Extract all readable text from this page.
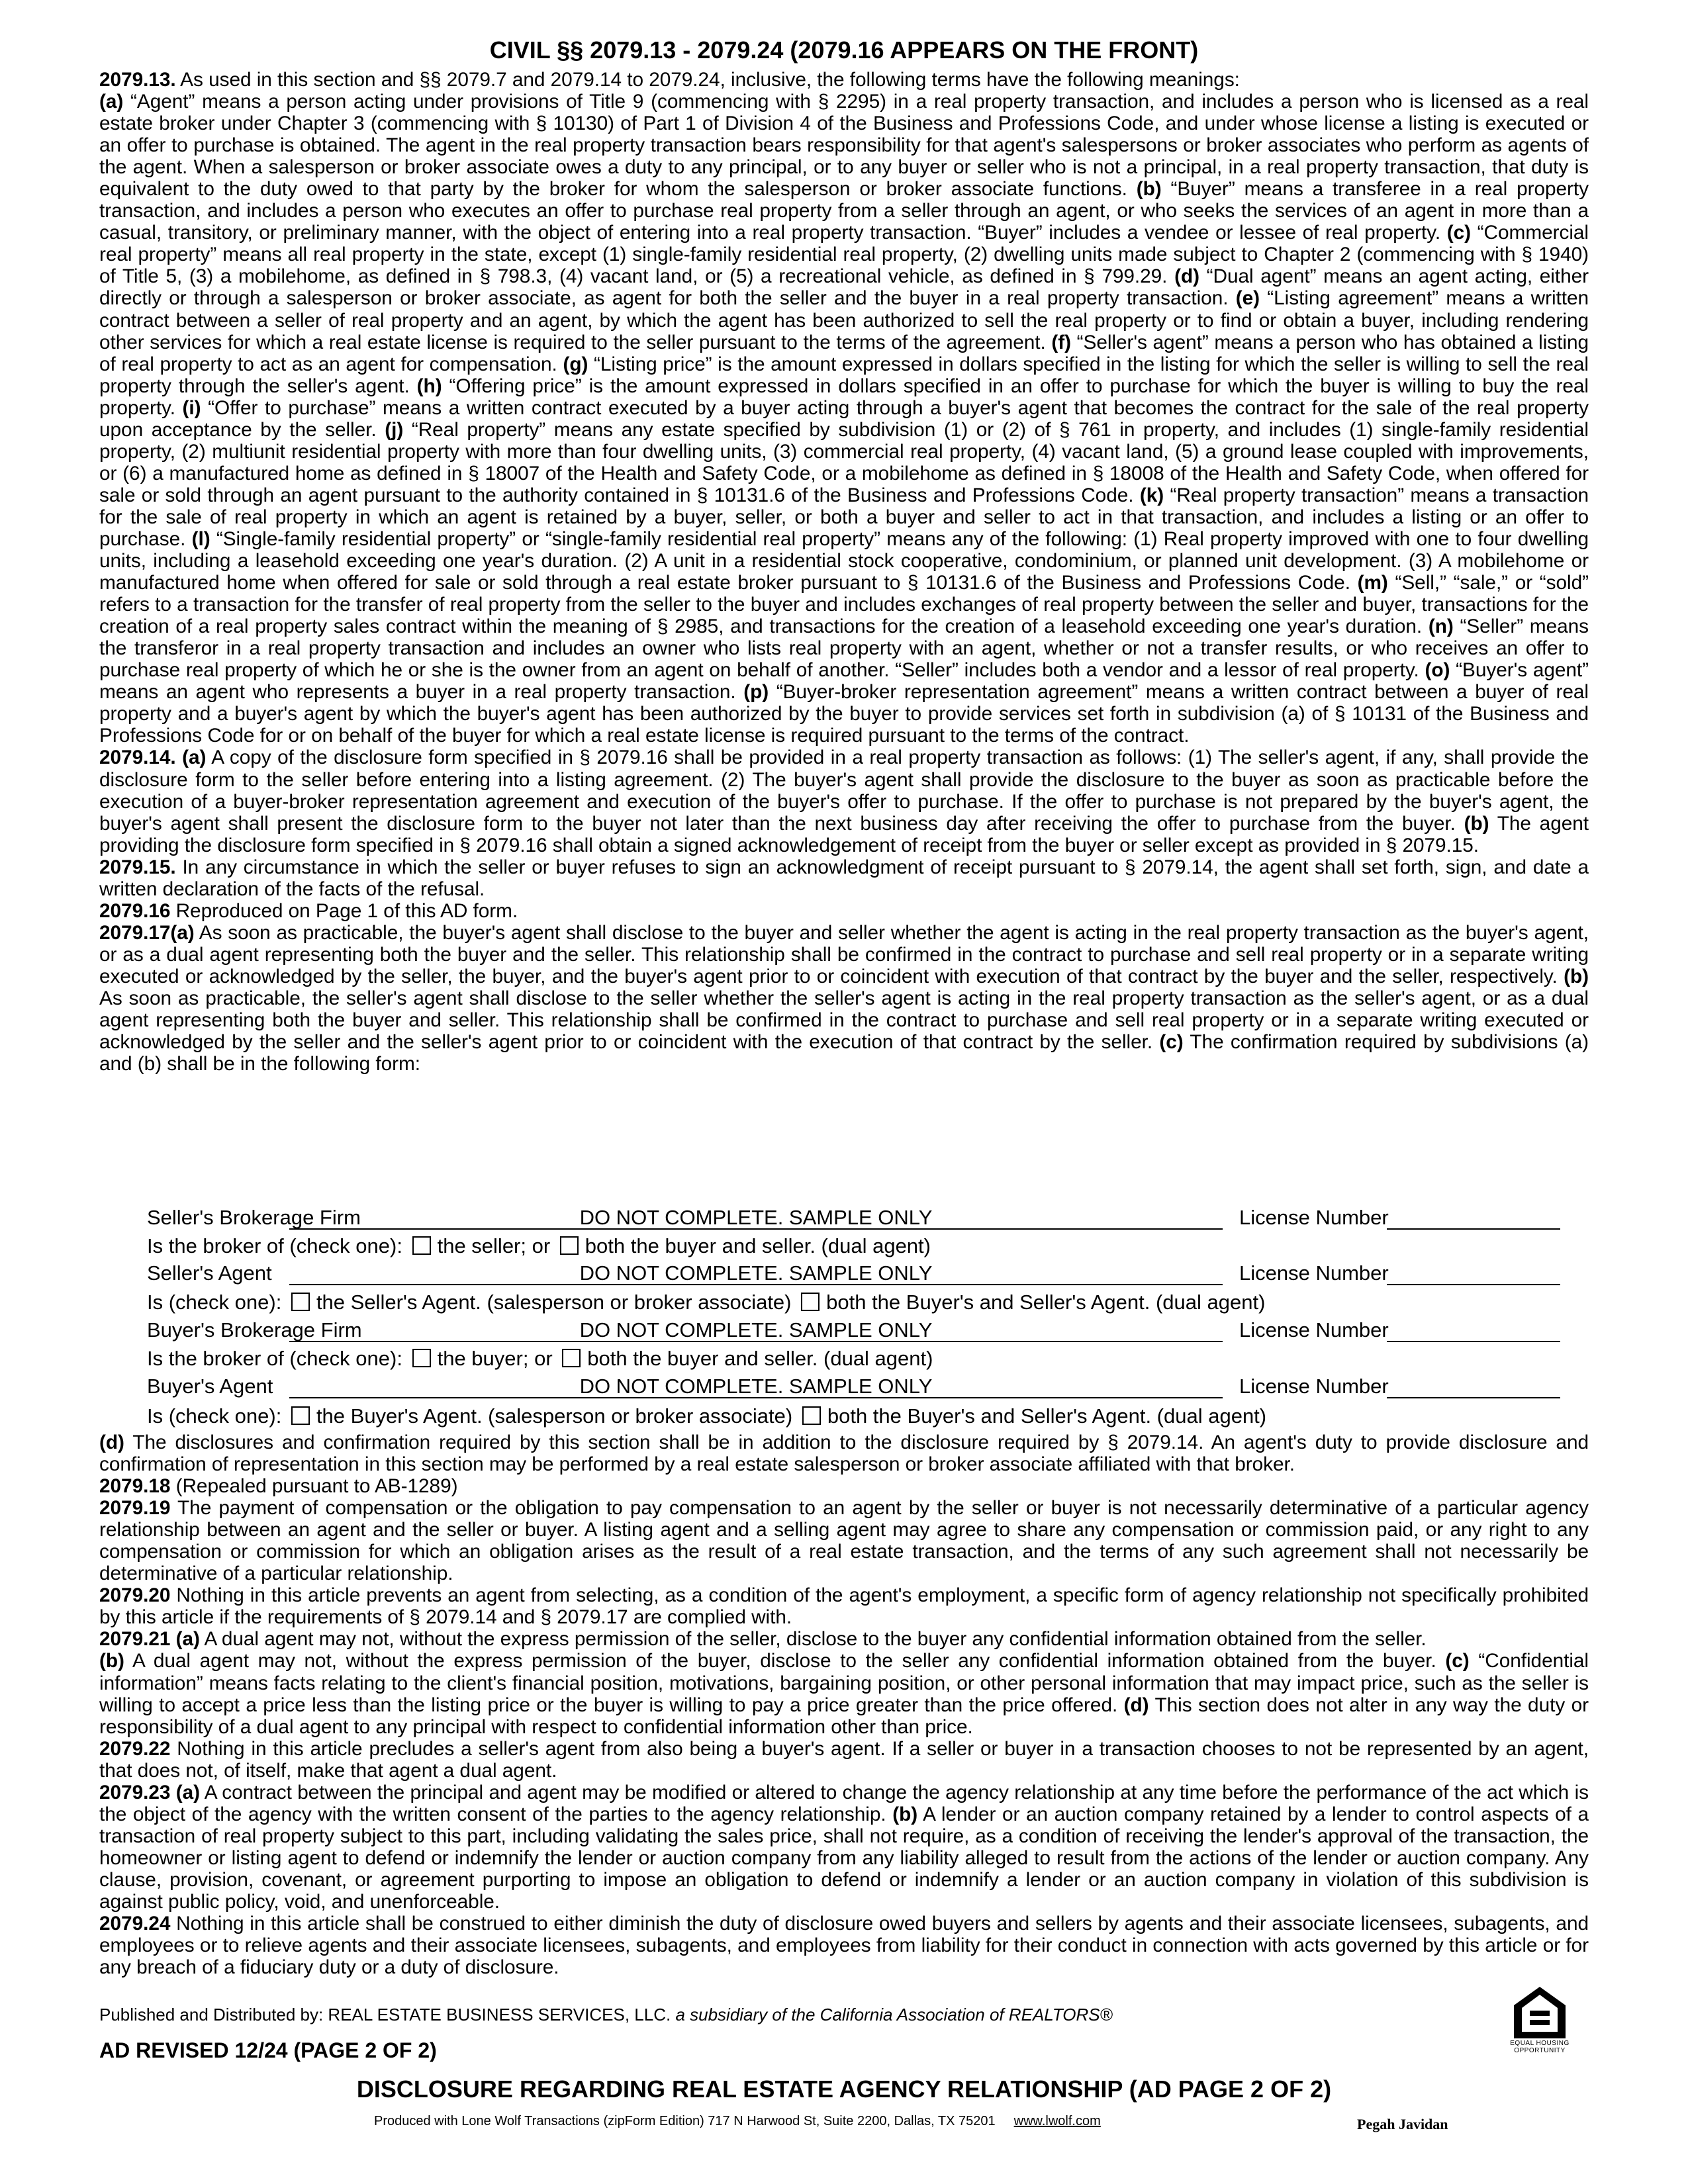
CIVIL §§ 2079.13 - 2079.24 (2079.16 APPEARS ON THE FRONT)

2079.13. As used in this section and §§ 2079.7 and 2079.14 to 2079.24, inclusive, the following terms have the following meanings:
(a) “Agent” means a person acting under provisions of Title 9 (commencing with § 2295) in a real property transaction, and includes a person who is licensed as a real estate broker under Chapter 3 (commencing with § 10130) of Part 1 of Division 4 of the Business and Professions Code, and under whose license a listing is executed or an offer to purchase is obtained. The agent in the real property transaction bears responsibility for that agent's salespersons or broker associates who perform as agents of the agent. When a salesperson or broker associate owes a duty to any principal, or to any buyer or seller who is not a principal, in a real property transaction, that duty is equivalent to the duty owed to that party by the broker for whom the salesperson or broker associate functions. (b) “Buyer” means a transferee in a real property transaction, and includes a person who executes an offer to purchase real property from a seller through an agent, or who seeks the services of an agent in more than a casual, transitory, or preliminary manner, with the object of entering into a real property transaction. “Buyer” includes a vendee or lessee of real property. (c) “Commercial real property” means all real property in the state, except (1) single-family residential real property, (2) dwelling units made subject to Chapter 2 (commencing with § 1940) of Title 5, (3) a mobilehome, as defined in § 798.3, (4) vacant land, or (5) a recreational vehicle, as defined in § 799.29. (d) “Dual agent” means an agent acting, either directly or through a salesperson or broker associate, as agent for both the seller and the buyer in a real property transaction. (e) “Listing agreement” means a written contract between a seller of real property and an agent, by which the agent has been authorized to sell the real property or to find or obtain a buyer, including rendering other services for which a real estate license is required to the seller pursuant to the terms of the agreement. (f) “Seller's agent” means a person who has obtained a listing of real property to act as an agent for compensation. (g) “Listing price” is the amount expressed in dollars specified in the listing for which the seller is willing to sell the real property through the seller's agent. (h) “Offering price” is the amount expressed in dollars specified in an offer to purchase for which the buyer is willing to buy the real property. (i) “Offer to purchase” means a written contract executed by a buyer acting through a buyer's agent that becomes the contract for the sale of the real property upon acceptance by the seller. (j) “Real property” means any estate specified by subdivision (1) or (2) of § 761 in property, and includes (1) single-family residential property, (2) multiunit residential property with more than four dwelling units, (3) commercial real property, (4) vacant land, (5) a ground lease coupled with improvements, or (6) a manufactured home as defined in § 18007 of the Health and Safety Code, or a mobilehome as defined in § 18008 of the Health and Safety Code, when offered for sale or sold through an agent pursuant to the authority contained in § 10131.6 of the Business and Professions Code. (k) “Real property transaction” means a transaction for the sale of real property in which an agent is retained by a buyer, seller, or both a buyer and seller to act in that transaction, and includes a listing or an offer to purchase. (l) “Single-family residential property” or “single-family residential real property” means any of the following: (1) Real property improved with one to four dwelling units, including a leasehold exceeding one year's duration. (2) A unit in a residential stock cooperative, condominium, or planned unit development. (3) A mobilehome or manufactured home when offered for sale or sold through a real estate broker pursuant to § 10131.6 of the Business and Professions Code. (m) “Sell,” “sale,” or “sold” refers to a transaction for the transfer of real property from the seller to the buyer and includes exchanges of real property between the seller and buyer, transactions for the creation of a real property sales contract within the meaning of § 2985, and transactions for the creation of a leasehold exceeding one year's duration. (n) “Seller” means the transferor in a real property transaction and includes an owner who lists real property with an agent, whether or not a transfer results, or who receives an offer to purchase real property of which he or she is the owner from an agent on behalf of another. “Seller” includes both a vendor and a lessor of real property. (o) “Buyer's agent” means an agent who represents a buyer in a real property transaction. (p) “Buyer-broker representation agreement” means a written contract between a buyer of real property and a buyer's agent by which the buyer's agent has been authorized by the buyer to provide services set forth in subdivision (a) of § 10131 of the Business and Professions Code for or on behalf of the buyer for which a real estate license is required pursuant to the terms of the contract.

2079.14. (a) A copy of the disclosure form specified in § 2079.16 shall be provided in a real property transaction as follows: (1) The seller's agent, if any, shall provide the disclosure form to the seller before entering into a listing agreement. (2) The buyer's agent shall provide the disclosure to the buyer as soon as practicable before the execution of a buyer-broker representation agreement and execution of the buyer's offer to purchase. If the offer to purchase is not prepared by the buyer's agent, the buyer's agent shall present the disclosure form to the buyer not later than the next business day after receiving the offer to purchase from the buyer. (b) The agent providing the disclosure form specified in § 2079.16 shall obtain a signed acknowledgement of receipt from the buyer or seller except as provided in § 2079.15.

2079.15. In any circumstance in which the seller or buyer refuses to sign an acknowledgment of receipt pursuant to § 2079.14, the agent shall set forth, sign, and date a written declaration of the facts of the refusal.

2079.16 Reproduced on Page 1 of this AD form.

2079.17(a) As soon as practicable, the buyer's agent shall disclose to the buyer and seller whether the agent is acting in the real property transaction as the buyer's agent, or as a dual agent representing both the buyer and the seller. This relationship shall be confirmed in the contract to purchase and sell real property or in a separate writing executed or acknowledged by the seller, the buyer, and the buyer's agent prior to or coincident with execution of that contract by the buyer and the seller, respectively. (b) As soon as practicable, the seller's agent shall disclose to the seller whether the seller's agent is acting in the real property transaction as the seller's agent, or as a dual agent representing both the buyer and seller. This relationship shall be confirmed in the contract to purchase and sell real property or in a separate writing executed or acknowledged by the seller and the seller's agent prior to or coincident with the execution of that contract by the seller. (c) The confirmation required by subdivisions (a) and (b) shall be in the following form:

Seller's Brokerage Firm	DO NOT COMPLETE. SAMPLE ONLY	License Number
Is the broker of (check one): the seller; or both the buyer and seller. (dual agent)
Seller's Agent	DO NOT COMPLETE. SAMPLE ONLY	License Number
Is (check one): the Seller's Agent. (salesperson or broker associate) both the Buyer's and Seller's Agent. (dual agent)
Buyer's Brokerage Firm	DO NOT COMPLETE. SAMPLE ONLY	License Number
Is the broker of (check one): the buyer; or both the buyer and seller. (dual agent)
Buyer's Agent	DO NOT COMPLETE. SAMPLE ONLY	License Number
Is (check one): the Buyer's Agent. (salesperson or broker associate) both the Buyer's and Seller's Agent. (dual agent)

(d) The disclosures and confirmation required by this section shall be in addition to the disclosure required by § 2079.14. An agent's duty to provide disclosure and confirmation of representation in this section may be performed by a real estate salesperson or broker associate affiliated with that broker.

2079.18 (Repealed pursuant to AB-1289)

2079.19 The payment of compensation or the obligation to pay compensation to an agent by the seller or buyer is not necessarily determinative of a particular agency relationship between an agent and the seller or buyer. A listing agent and a selling agent may agree to share any compensation or commission paid, or any right to any compensation or commission for which an obligation arises as the result of a real estate transaction, and the terms of any such agreement shall not necessarily be determinative of a particular relationship.

2079.20 Nothing in this article prevents an agent from selecting, as a condition of the agent's employment, a specific form of agency relationship not specifically prohibited by this article if the requirements of § 2079.14 and § 2079.17 are complied with.

2079.21 (a) A dual agent may not, without the express permission of the seller, disclose to the buyer any confidential information obtained from the seller.
(b) A dual agent may not, without the express permission of the buyer, disclose to the seller any confidential information obtained from the buyer. (c) “Confidential information” means facts relating to the client's financial position, motivations, bargaining position, or other personal information that may impact price, such as the seller is willing to accept a price less than the listing price or the buyer is willing to pay a price greater than the price offered. (d) This section does not alter in any way the duty or responsibility of a dual agent to any principal with respect to confidential information other than price.

2079.22 Nothing in this article precludes a seller's agent from also being a buyer's agent. If a seller or buyer in a transaction chooses to not be represented by an agent, that does not, of itself, make that agent a dual agent.

2079.23 (a) A contract between the principal and agent may be modified or altered to change the agency relationship at any time before the performance of the act which is the object of the agency with the written consent of the parties to the agency relationship. (b) A lender or an auction company retained by a lender to control aspects of a transaction of real property subject to this part, including validating the sales price, shall not require, as a condition of receiving the lender's approval of the transaction, the homeowner or listing agent to defend or indemnify the lender or auction company from any liability alleged to result from the actions of the lender or auction company. Any clause, provision, covenant, or agreement purporting to impose an obligation to defend or indemnify a lender or an auction company in violation of this subdivision is against public policy, void, and unenforceable.

2079.24 Nothing in this article shall be construed to either diminish the duty of disclosure owed buyers and sellers by agents and their associate licensees, subagents, and employees or to relieve agents and their associate licensees, subagents, and employees from liability for their conduct in connection with acts governed by this article or for any breach of a fiduciary duty or a duty of disclosure.

Published and Distributed by: REAL ESTATE BUSINESS SERVICES, LLC. a subsidiary of the California Association of REALTORS®
EQUAL HOUSING OPPORTUNITY
AD REVISED 12/24 (PAGE 2 OF 2)
DISCLOSURE REGARDING REAL ESTATE AGENCY RELATIONSHIP (AD PAGE 2 OF 2)
Produced with Lone Wolf Transactions (zipForm Edition) 717 N Harwood St, Suite 2200, Dallas, TX 75201 www.lwolf.com	Pegah Javidan
